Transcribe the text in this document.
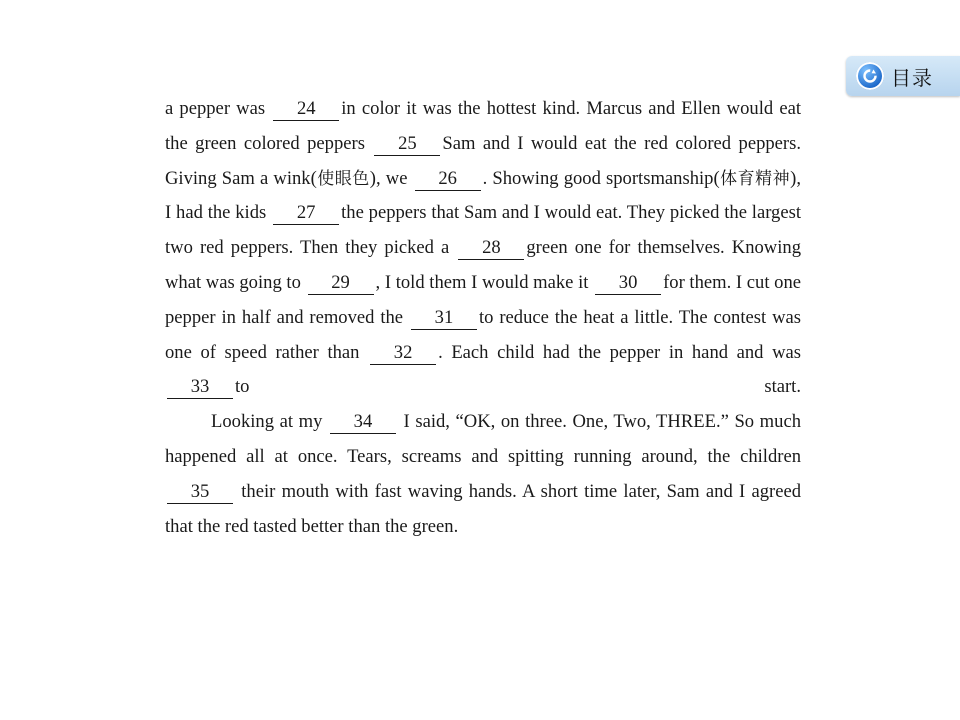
目录

a pepper was 24 in color it was the hottest kind. Marcus and Ellen would eat the green colored peppers 25 Sam and I would eat the red colored peppers. Giving Sam a wink(使眼色), we 26 . Showing good sportsmanship(体育精神), I had the kids 27 the peppers that Sam and I would eat. They picked the largest two red peppers. Then they picked a 28 green one for themselves. Knowing what was going to 29 , I told them I would make it 30 for them. I cut one pepper in half and removed the 31 to reduce the heat a little. The contest was one of speed rather than 32 . Each child had the pepper in hand and was 33 to start.

Looking at my 34 I said, “OK, on three. One, Two, THREE.” So much happened all at once. Tears, screams and spitting running around, the children 35 their mouth with fast waving hands. A short time later, Sam and I agreed that the red tasted better than the green.
